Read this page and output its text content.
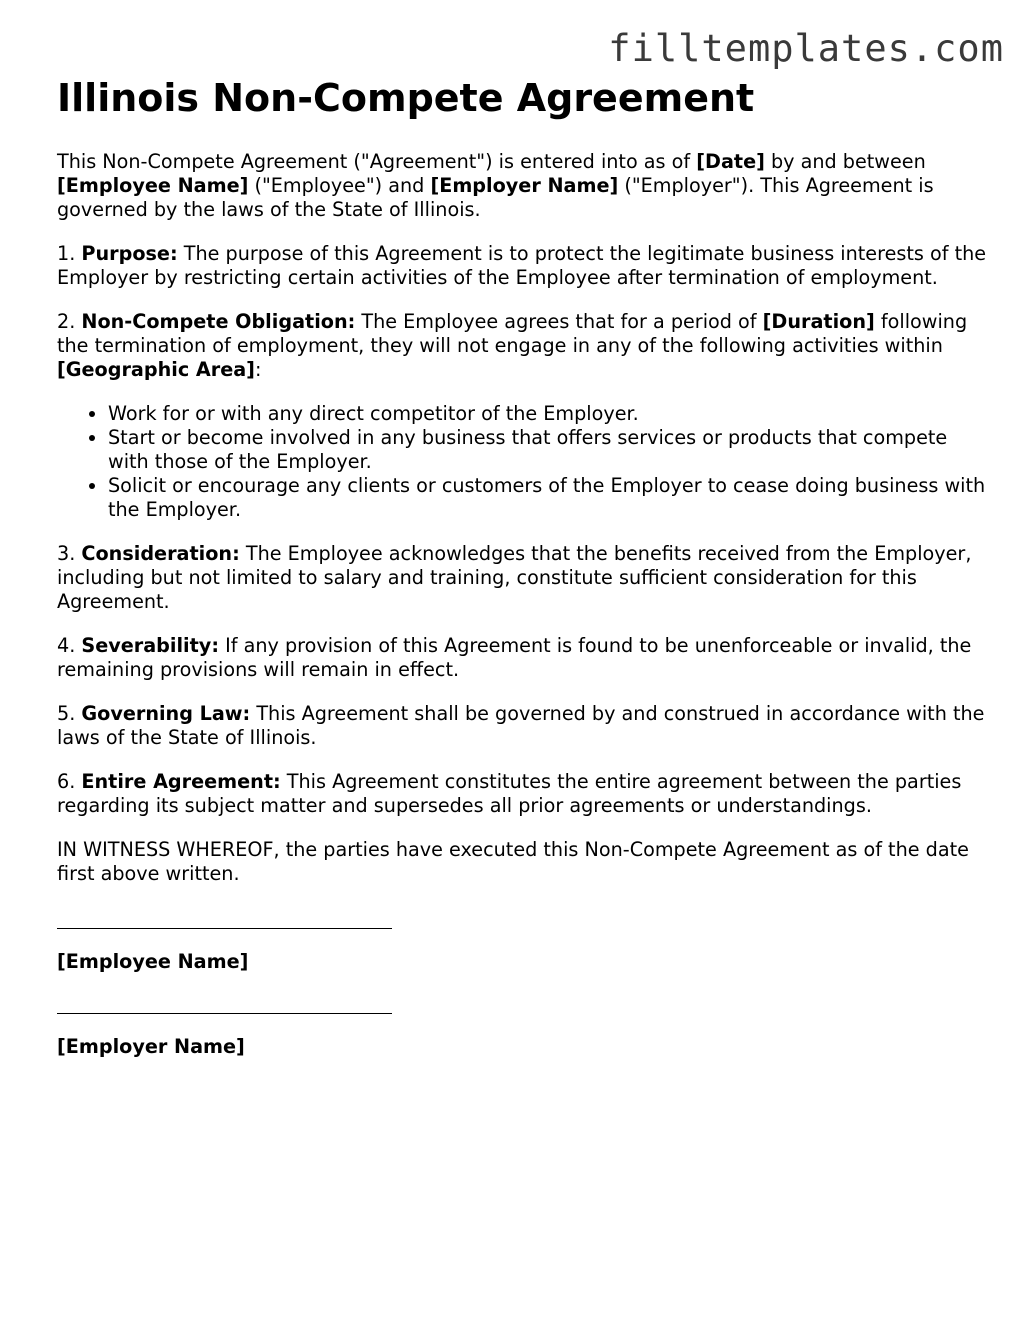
filltemplates.com
Illinois Non-Compete Agreement

This Non-Compete Agreement ("Agreement") is entered into as of [Date] by and between [Employee Name] ("Employee") and [Employer Name] ("Employer"). This Agreement is governed by the laws of the State of Illinois.

1. Purpose: The purpose of this Agreement is to protect the legitimate business interests of the Employer by restricting certain activities of the Employee after termination of employment.

2. Non-Compete Obligation: The Employee agrees that for a period of [Duration] following the termination of employment, they will not engage in any of the following activities within [Geographic Area]:

• Work for or with any direct competitor of the Employer.
• Start or become involved in any business that offers services or products that compete with those of the Employer.
• Solicit or encourage any clients or customers of the Employer to cease doing business with the Employer.

3. Consideration: The Employee acknowledges that the benefits received from the Employer, including but not limited to salary and training, constitute sufficient consideration for this Agreement.

4. Severability: If any provision of this Agreement is found to be unenforceable or invalid, the remaining provisions will remain in effect.

5. Governing Law: This Agreement shall be governed by and construed in accordance with the laws of the State of Illinois.

6. Entire Agreement: This Agreement constitutes the entire agreement between the parties regarding its subject matter and supersedes all prior agreements or understandings.

IN WITNESS WHEREOF, the parties have executed this Non-Compete Agreement as of the date first above written.

[Employee Name]
[Employer Name]
